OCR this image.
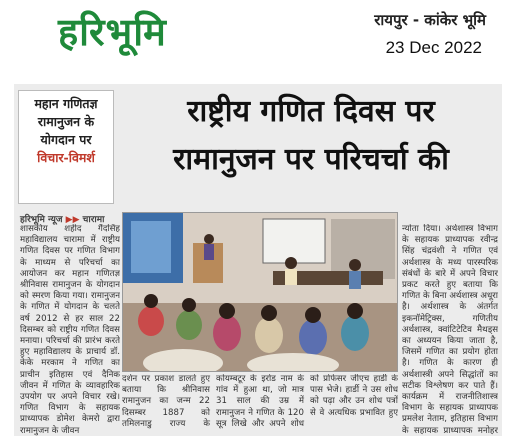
हरिभूमि	रायपुर - कांकेर भूमि
23 Dec 2022

महान गणितज्ञ

रामानुजन के

योगदान पर

विचार-विमर्श

राष्ट्रीय गणित दिवस पर
रामानुजन पर परिचर्चा की
हरिभूमि न्यूज ▶▶ चारामा
शासकीय शहीद गैंदसिंह महाविद्यालय चारामा में राष्ट्रीय गणित दिवस पर गणित विभाग के माध्यम से परिचर्चा का आयोजन कर महान गणितज्ञ श्रीनिवास रामानुजन के योगदान को स्मरण किया गया। रामानुजन के गणित में योगदान के चलते वर्ष 2012 से हर साल 22 दिसम्बर को राष्ट्रीय गणित दिवस मनाया। परिचर्चा की प्रारंभ करते हुए महाविद्यालय के प्राचार्य डॉ. केके मरकाम ने गणित का प्राचीन इतिहास एवं दैनिक जीवन में गणित के व्यावहारिक उपयोग पर अपने विचार रखे। गणित विभाग के सहायक प्राध्यापक डोमेश केमरो द्वारा रामानुजन के जीवन
दर्शन पर प्रकाश डालते हुए बताया कि श्रीनिवास रामानुजन का जन्म 22 दिसम्बर 1887 को तमिलनाडु राज्य के कोयम्बटूर के इरोड नाम के गांव में हुआ था, जो मात्र 31 साल की उम्र में रामानुजन ने गणित के 120 सूत्र लिखे और अपने शोध को प्रोफेसर जीएच हार्डी के पास भेजे। हार्डी ने उस शोध को पढ़ा और उन शोध पत्रों से वे अत्यधिक प्रभावित हुए
न्योता दिया। अर्थशास्त्र विभाग के सहायक प्राध्यापक रवीन्द्र सिंह चंद्रवंशी ने गणित एवं अर्थशास्त्र के मध्य पारस्परिक संबंधों के बारे में अपने विचार प्रकट करते हुए बताया कि गणित के बिना अर्थशास्त्र अधूरा है। अर्थशास्त्र के अंतर्गत इकनॉमेट्रिक्स, गणितीय अर्थशास्त्र, क्वांटिटेटिव मैथड्स का अध्ययन किया जाता है, जिसमें गणित का प्रयोग होता है। गणित के कारण ही अर्थशास्त्री अपने सिद्धांतों का सटीक विश्लेषण कर पाते हैं। कार्यक्रम में राजनीतिशास्त्र विभाग के सहायक प्राध्यापक प्रमलेश नेताम, इतिहास विभाग के सहायक प्राध्यापक मनोहर
